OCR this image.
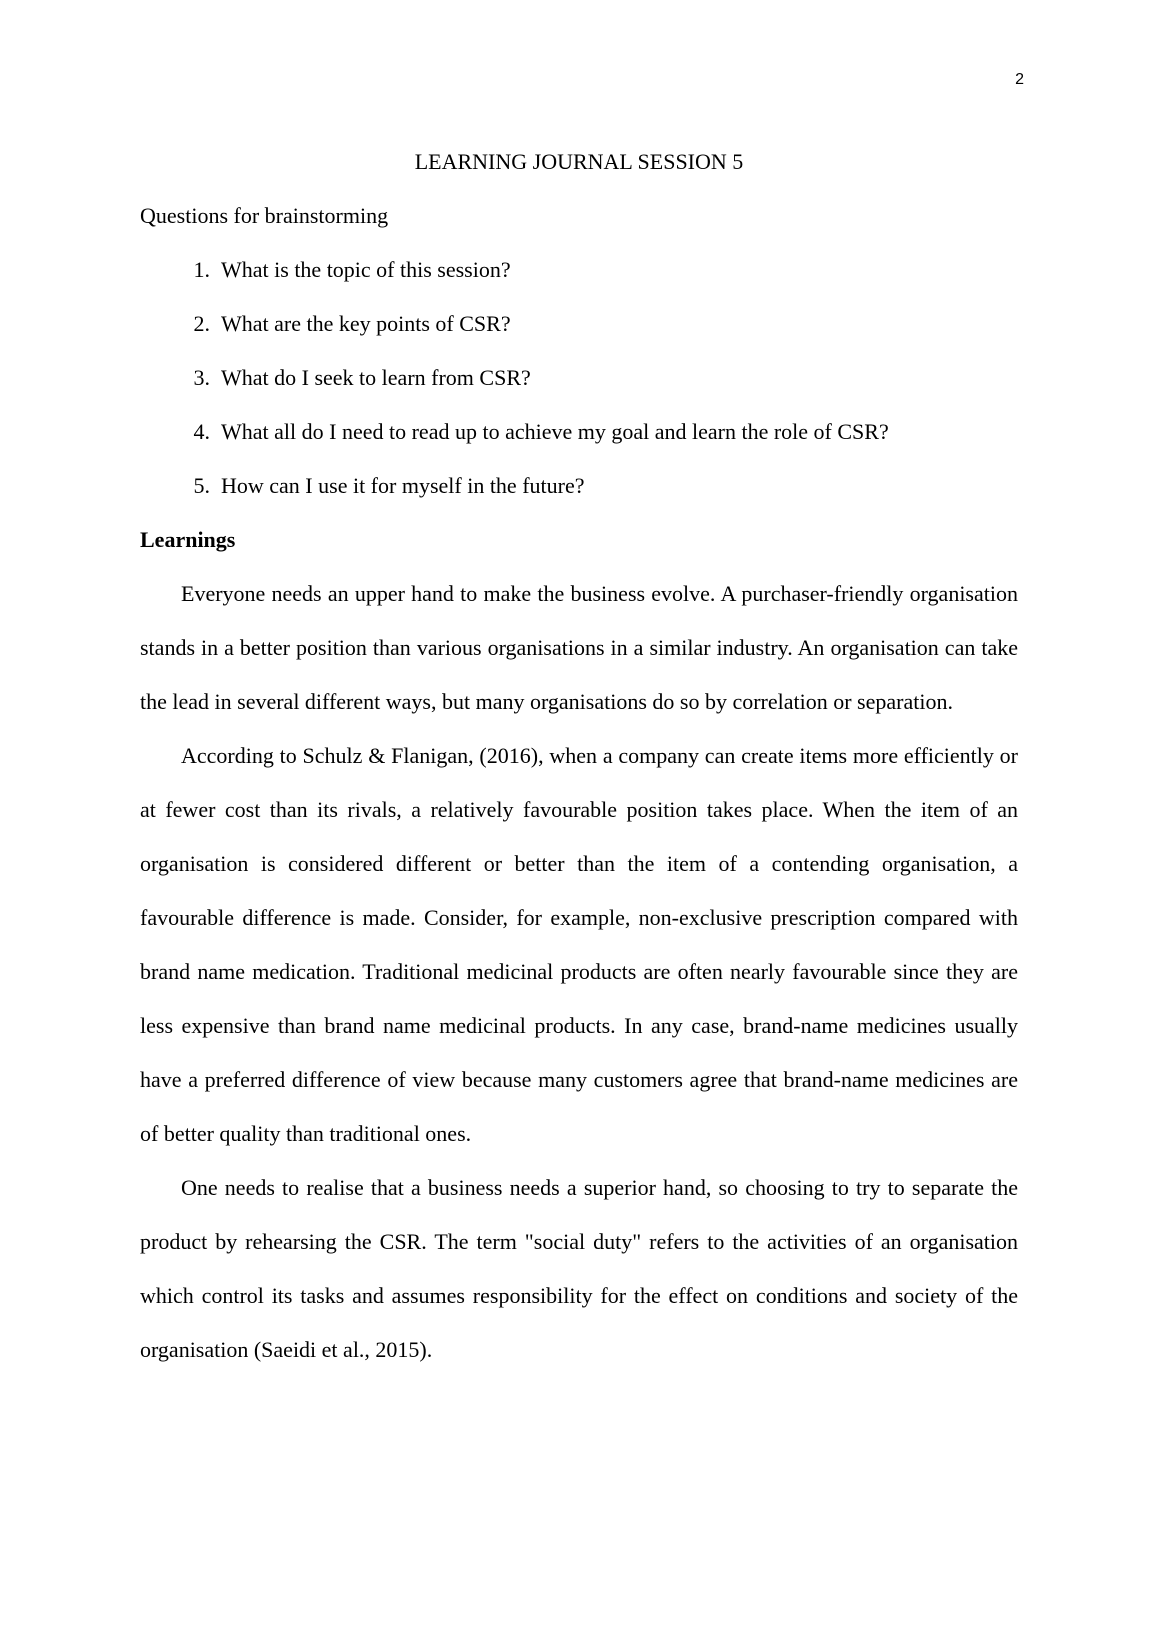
2
LEARNING JOURNAL SESSION 5

Questions for brainstorming

1. What is the topic of this session?
2. What are the key points of CSR?
3. What do I seek to learn from CSR?
4. What all do I need to read up to achieve my goal and learn the role of CSR?
5. How can I use it for myself in the future?
Learnings

Everyone needs an upper hand to make the business evolve. A purchaser-friendly organisation stands in a better position than various organisations in a similar industry. An organisation can take the lead in several different ways, but many organisations do so by correlation or separation.

According to Schulz & Flanigan, (2016), when a company can create items more efficiently or at fewer cost than its rivals, a relatively favourable position takes place. When the item of an organisation is considered different or better than the item of a contending organisation, a favourable difference is made. Consider, for example, non-exclusive prescription compared with brand name medication. Traditional medicinal products are often nearly favourable since they are less expensive than brand name medicinal products. In any case, brand-name medicines usually have a preferred difference of view because many customers agree that brand-name medicines are of better quality than traditional ones.

One needs to realise that a business needs a superior hand, so choosing to try to separate the product by rehearsing the CSR. The term "social duty" refers to the activities of an organisation which control its tasks and assumes responsibility for the effect on conditions and society of the organisation (Saeidi et al., 2015).
